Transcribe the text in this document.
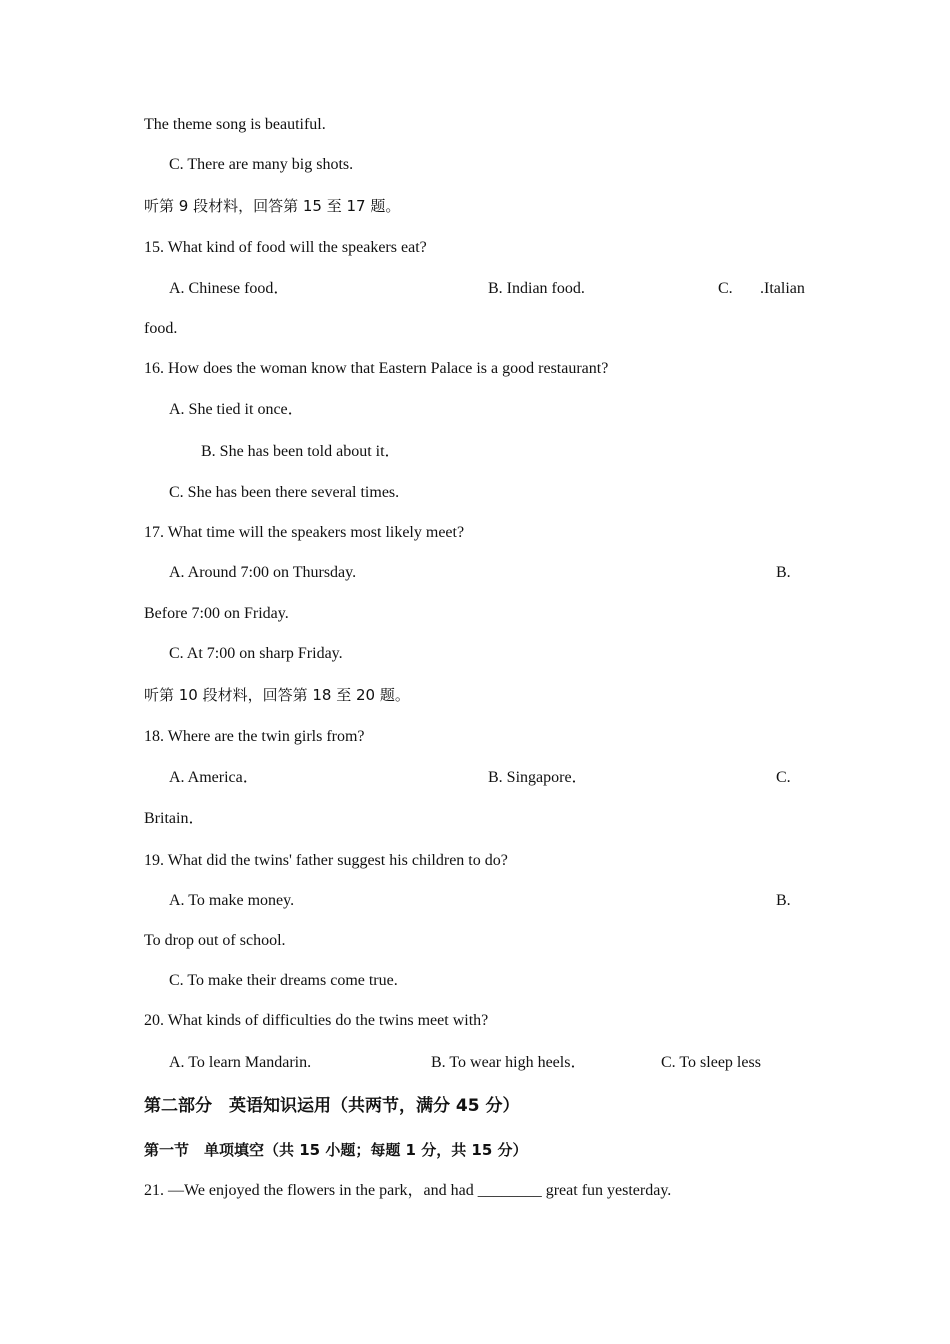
The theme song is beautiful.
C. There are many big shots.
听第 9 段材料，回答第 15 至 17 题。
15. What kind of food will the speakers eat?
A. Chinese food．	B. Indian food.	C. .Italian
food.
16. How does the woman know that Eastern Palace is a good restaurant?
A. She tied it once．
B. She has been told about it．
C. She has been there several times.
17. What time will the speakers most likely meet?
A. Around 7:00 on Thursday.	B.
Before 7:00 on Friday.
C. At 7:00 on sharp Friday.
听第 10 段材料，回答第 18 至 20 题。
18. Where are the twin girls from?
A. America．	B. Singapore．	C.
Britain．
19. What did the twins' father suggest his children to do?
A. To make money.	B.
To drop out of school.
C. To make their dreams come true.
20. What kinds of difficulties do the twins meet with?
A. To learn Mandarin.	B. To wear high heels．	C. To sleep less
第二部分　英语知识运用（共两节，满分 45 分）
第一节　单项填空（共 15 小题；每题 1 分，共 15 分）
21. —We enjoyed the flowers in the park，and had ________ great fun yesterday.
